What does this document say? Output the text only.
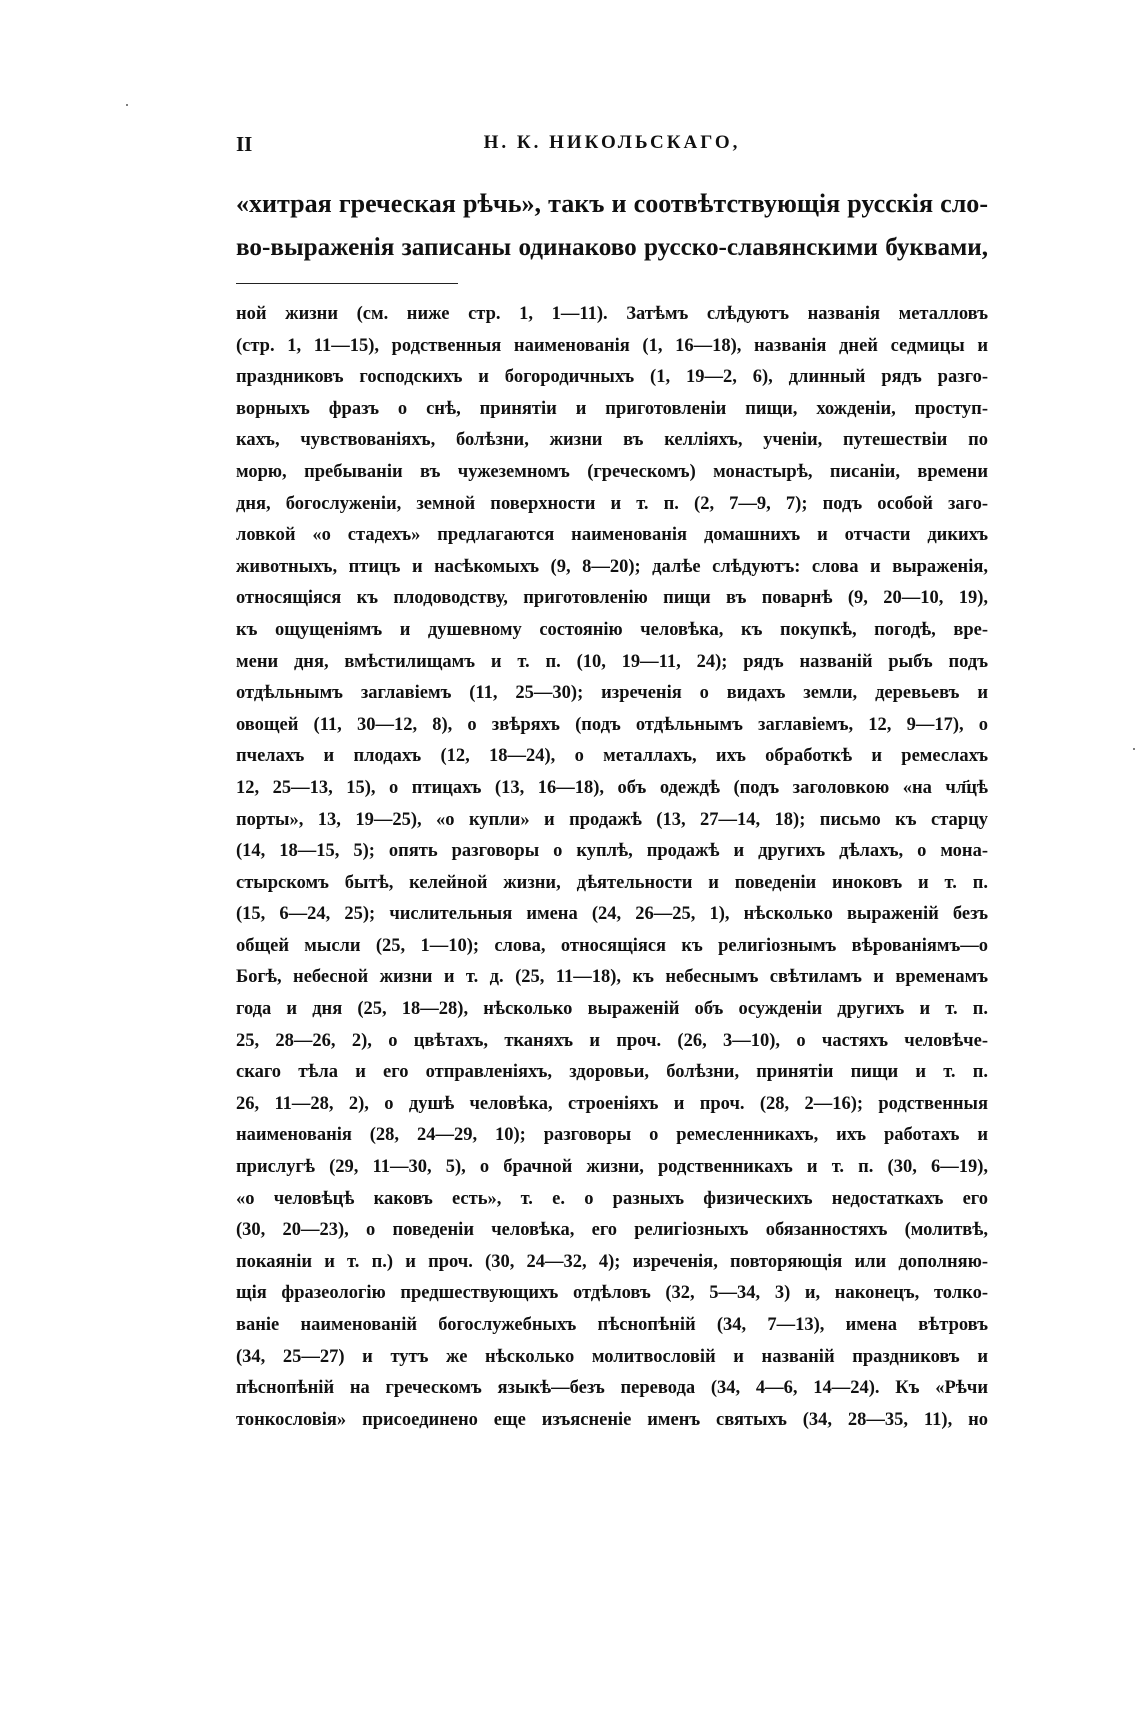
II	Н. К. НИКОЛЬСКАГО,
«хитрая греческая рѣчь», такъ и соотвѣтствующія русскія сло-
во-выраженія записаны одинаково русско-славянскими буквами,
ной жизни (см. ниже стр. 1, 1—11). Затѣмъ слѣдуютъ названія металловъ
(стр. 1, 11—15), родственныя наименованія (1, 16—18), названія дней седмицы и
праздниковъ господскихъ и богородичныхъ (1, 19—2, 6), длинный рядъ разго-
ворныхъ фразъ о снѣ, принятіи и приготовленіи пищи, хожденіи, проступ-
кахъ, чувствованіяхъ, болѣзни, жизни въ келліяхъ, ученіи, путешествіи по
морю, пребываніи въ чужеземномъ (греческомъ) монастырѣ, писаніи, времени
дня, богослуженіи, земной поверхности и т. п. (2, 7—9, 7); подъ особой заго-
ловкой «о стадехъ» предлагаются наименованія домашнихъ и отчасти дикихъ
животныхъ, птицъ и насѣкомыхъ (9, 8—20); далѣе слѣдуютъ: слова и выраженія,
относящіяся къ плодоводству, приготовленію пищи въ поварнѣ (9, 20—10, 19),
къ ощущеніямъ и душевному состоянію человѣка, къ покупкѣ, погодѣ, вре-
мени дня, вмѣстилищамъ и т. п. (10, 19—11, 24); рядъ названій рыбъ подъ
отдѣльнымъ заглавіемъ (11, 25—30); изреченія о видахъ земли, деревьевъ и
овощей (11, 30—12, 8), о звѣряхъ (подъ отдѣльнымъ заглавіемъ, 12, 9—17), о
пчелахъ и плодахъ (12, 18—24), о металлахъ, ихъ обработкѣ и ремеслахъ
12, 25—13, 15), о птицахъ (13, 16—18), объ одеждѣ (подъ заголовкою «на чл҃цѣ
порты», 13, 19—25), «о купли» и продажѣ (13, 27—14, 18); письмо къ старцу
(14, 18—15, 5); опять разговоры о куплѣ, продажѣ и другихъ дѣлахъ, о мона-
стырскомъ бытѣ, келейной жизни, дѣятельности и поведеніи иноковъ и т. п.
(15, 6—24, 25); числительныя имена (24, 26—25, 1), нѣсколько выраженій безъ
общей мысли (25, 1—10); слова, относящіяся къ религіознымъ вѣрованіямъ—о
Богѣ, небесной жизни и т. д. (25, 11—18), къ небеснымъ свѣтиламъ и временамъ
года и дня (25, 18—28), нѣсколько выраженій объ осужденіи другихъ и т. п.
25, 28—26, 2), о цвѣтахъ, тканяхъ и проч. (26, 3—10), о частяхъ человѣче-
скаго тѣла и его отправленіяхъ, здоровьи, болѣзни, принятіи пищи и т. п.
26, 11—28, 2), о душѣ человѣка, строеніяхъ и проч. (28, 2—16); родственныя
наименованія (28, 24—29, 10); разговоры о ремесленникахъ, ихъ работахъ и
прислугѣ (29, 11—30, 5), о брачной жизни, родственникахъ и т. п. (30, 6—19),
«о человѣцѣ каковъ есть», т. е. о разныхъ физическихъ недостаткахъ его
(30, 20—23), о поведеніи человѣка, его религіозныхъ обязанностяхъ (молитвѣ,
покаяніи и т. п.) и проч. (30, 24—32, 4); изреченія, повторяющія или дополняю-
щія фразеологію предшествующихъ отдѣловъ (32, 5—34, 3) и, наконецъ, толко-
ваніе наименованій богослужебныхъ пѣснопѣній (34, 7—13), имена вѣтровъ
(34, 25—27) и тутъ же нѣсколько молитвословій и названій праздниковъ и
пѣснопѣній на греческомъ языкѣ—безъ перевода (34, 4—6, 14—24). Къ «Рѣчи
тонкословія» присоединено еще изъясненіе именъ святыхъ (34, 28—35, 11), но
